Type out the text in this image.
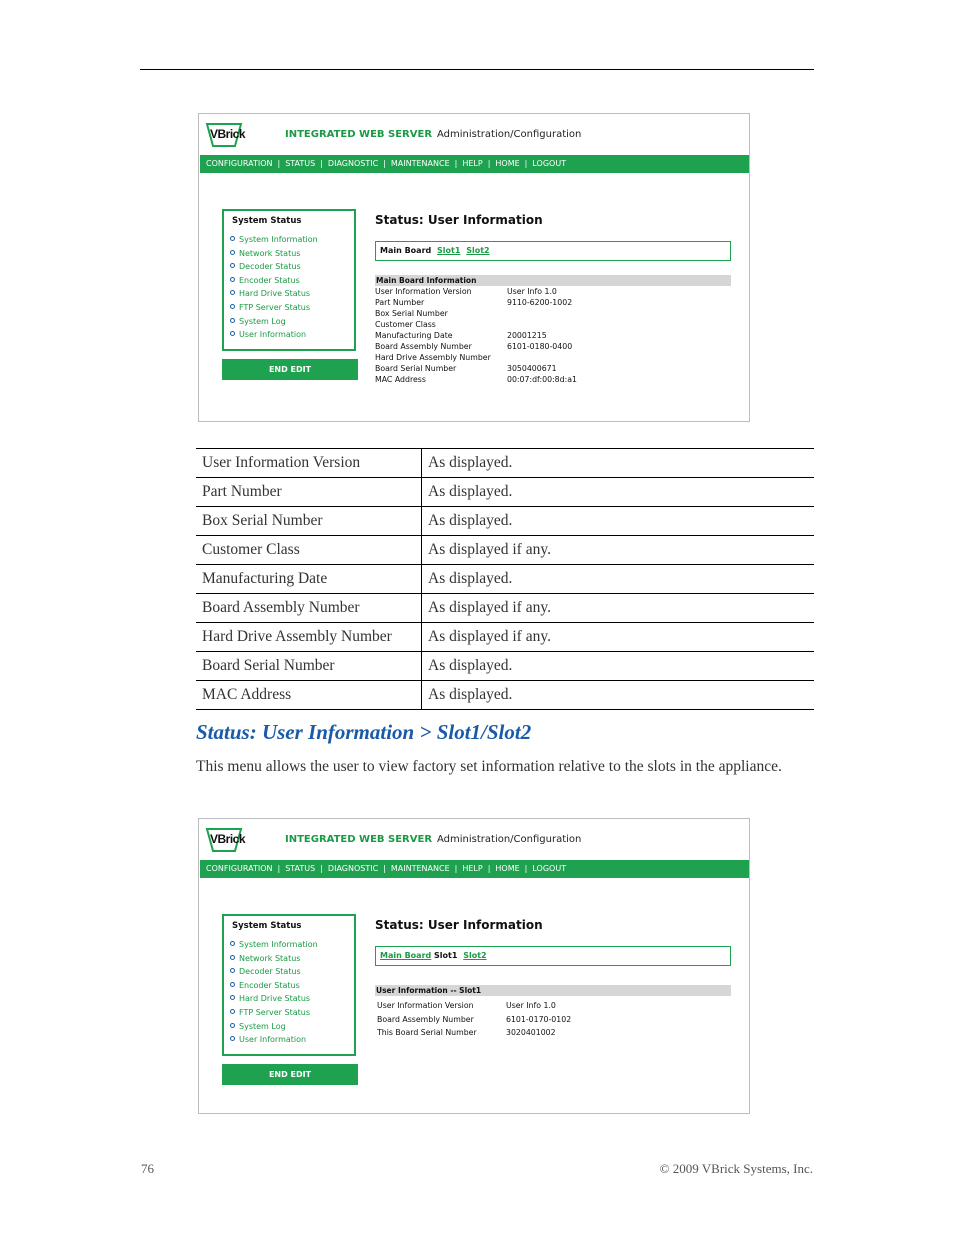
VBrick	INTEGRATED WEB SERVER Administration/Configuration
CONFIGURATION | STATUS | DIAGNOSTIC | MAINTENANCE | HELP | HOME | LOGOUT
System Status
System Information
Network Status
Decoder Status
Encoder Status
Hard Drive Status
FTP Server Status
System Log
User Information
END EDIT
Status: User Information
Main Board Slot1 Slot2
Main Board Information
User Information Version	User Info 1.0
Part Number	9110-6200-1002
Box Serial Number
Customer Class
Manufacturing Date	20001215
Board Assembly Number	6101-0180-0400
Hard Drive Assembly Number
Board Serial Number	3050400671
MAC Address	00:07:df:00:8d:a1
User Information Version	As displayed.
Part Number	As displayed.
Box Serial Number	As displayed.
Customer Class	As displayed if any.
Manufacturing Date	As displayed.
Board Assembly Number	As displayed if any.
Hard Drive Assembly Number	As displayed if any.
Board Serial Number	As displayed.
MAC Address	As displayed.
Status: User Information > Slot1/Slot2
This menu allows the user to view factory set information relative to the slots in the appliance.
VBrick	INTEGRATED WEB SERVER Administration/Configuration
CONFIGURATION | STATUS | DIAGNOSTIC | MAINTENANCE | HELP | HOME | LOGOUT
System Status
System Information
Network Status
Decoder Status
Encoder Status
Hard Drive Status
FTP Server Status
System Log
User Information
END EDIT
Status: User Information
Main Board Slot1 Slot2
User Information -- Slot1
User Information Version	User Info 1.0
Board Assembly Number	6101-0170-0102
This Board Serial Number	3020401002
76	© 2009 VBrick Systems, Inc.
